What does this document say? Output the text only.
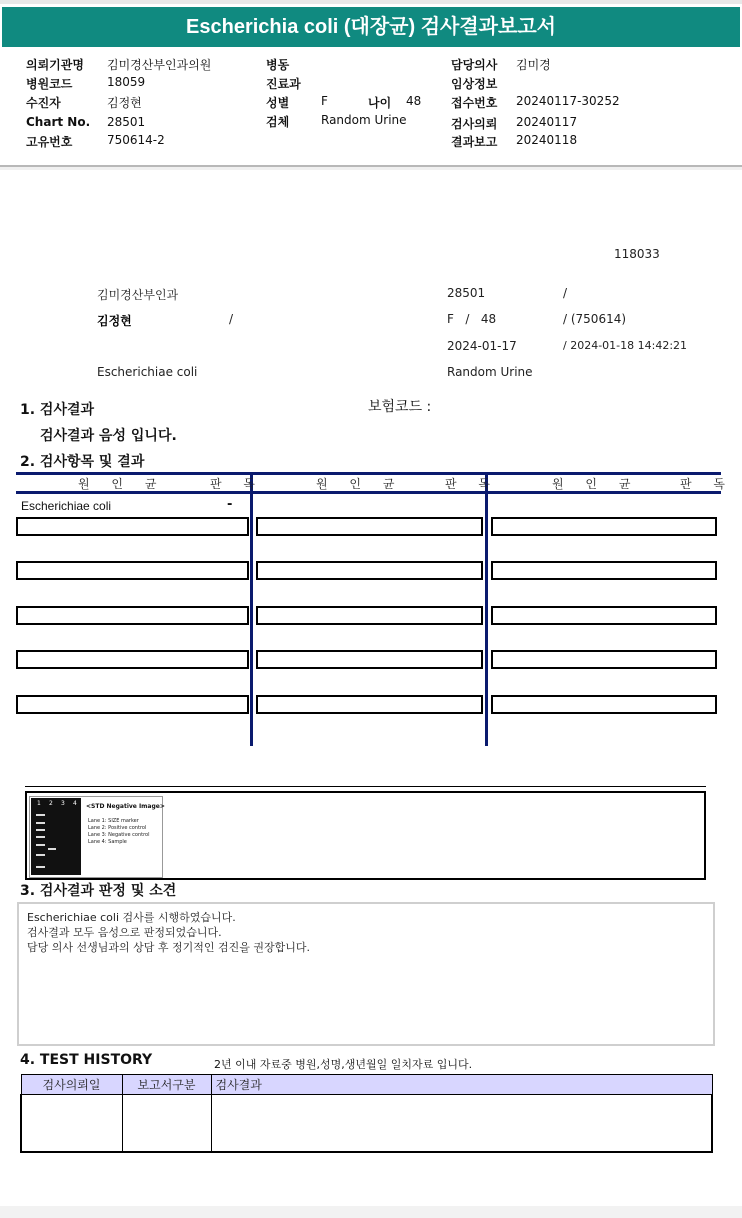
Escherichia coli (대장균) 검사결과보고서
의뢰기관명 김미경산부인과의원
병원코드	18059
수진자	김정현
Chart No. 28501
고유번호	750614-2
병동
진료과
성별	F	나이 48
검체	Random Urine
담당의사 김미경
임상정보
접수번호 20240117-30252
검사의뢰 20240117
결과보고 20240118
118033
김미경산부인과	28501	/
김정현	/	F   /   48	/ (750614)
2024-01-17	/ 2024-01-18 14:42:21
Escherichiae coli	Random Urine
1. 검사결과	보험코드 :
검사결과 음성 입니다.
2. 검사항목 및 결과
원 인 균	판 독	원 인 균	판 독	원 인 균	판 독
Escherichiae coli	-
1 2 3 4 <STD Negative Image>
Lane 1: SIZE marker
Lane 2: Positive control
Lane 3: Negative control
Lane 4: Sample
3. 검사결과 판정 및 소견
Escherichiae coli 검사를 시행하였습니다.
검사결과 모두 음성으로 판정되었습니다.
담당 의사 선생님과의 상담 후 정기적인 검진을 권장합니다.
4. TEST HISTORY	2년 이내 자료중 병원,성명,생년월일 일치자료 입니다.
검사의뢰일	보고서구분	검사결과
